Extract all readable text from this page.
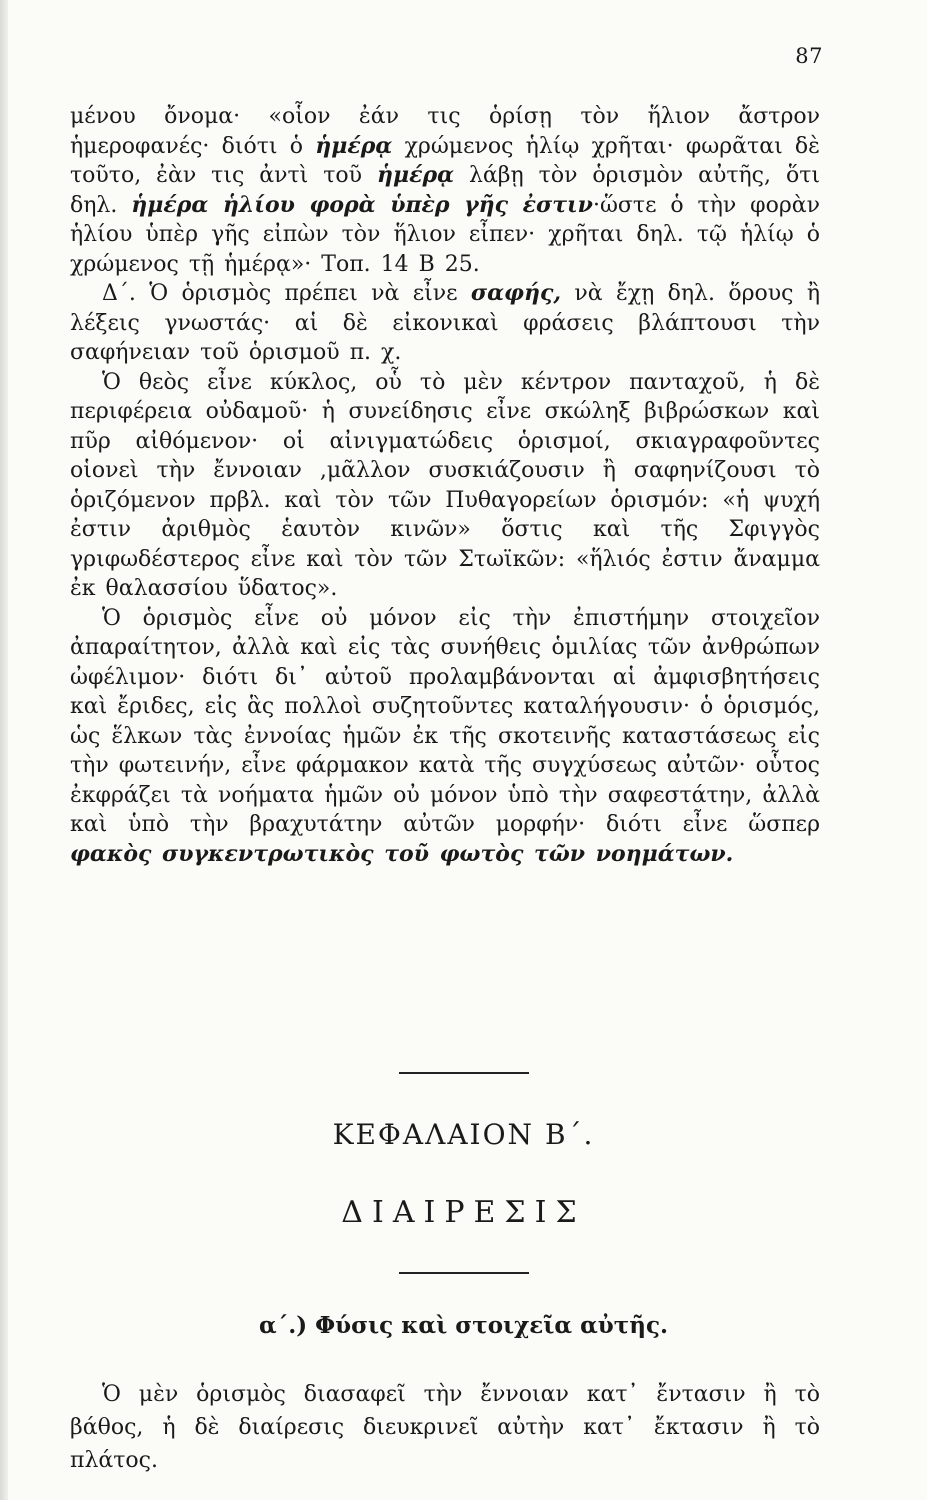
87

μένου ὄνομα· «οἷον ἐάν τις ὁρίσῃ τὸν ἥλιον ἄστρον ἡμεροφανές· διότι ὁ ἡμέρᾳ χρώμενος ἡλίῳ χρῆται· φωρᾶται δὲ τοῦτο, ἐὰν τις ἀντὶ τοῦ ἡμέρᾳ λάβῃ τὸν ὁρισμὸν αὐτῆς, ὅτι δηλ. ἡμέρα ἡλίου φορὰ ὑπὲρ γῆς ἐστιν·ὥστε ὁ τὴν φορὰν ἡλίου ὑπὲρ γῆς εἰπὼν τὸν ἥλιον εἶπεν· χρῆται δηλ. τῷ ἡλίῳ ὁ χρώμενος τῇ ἡμέρᾳ»· Τοπ. 14 Β 25.

Δ΄. Ὁ ὁρισμὸς πρέπει νὰ εἶνε σαφής, νὰ ἔχῃ δηλ. ὅρους ἢ λέξεις γνωστάς· αἱ δὲ εἰκονικαὶ φράσεις βλάπτουσι τὴν σαφήνειαν τοῦ ὁρισμοῦ π. χ.

Ὁ θεὸς εἶνε κύκλος, οὗ τὸ μὲν κέντρον πανταχοῦ, ἡ δὲ περιφέρεια οὐδαμοῦ· ἡ συνείδησις εἶνε σκώληξ βιβρώσκων καὶ πῦρ αἰθόμενον· οἱ αἰνιγματώδεις ὁρισμοί, σκιαγραφοῦντες οἱονεὶ τὴν ἔννοιαν ,μᾶλλον συσκιάζουσιν ἢ σαφηνίζουσι τὸ ὁριζόμενον πρβλ. καὶ τὸν τῶν Πυθαγορείων ὁρισμόν: «ἡ ψυχή ἐστιν ἀριθμὸς ἑαυτὸν κινῶν» ὅστις καὶ τῆς Σφιγγὸς γριφωδέστερος εἶνε καὶ τὸν τῶν Στωϊκῶν: «ἥλιός ἐστιν ἄναμμα ἐκ θαλασσίου ὕδατος».

Ὁ ὁρισμὸς εἶνε οὐ μόνον εἰς τὴν ἐπιστήμην στοιχεῖον ἀπαραίτητον, ἀλλὰ καὶ εἰς τὰς συνήθεις ὁμιλίας τῶν ἀνθρώπων ὠφέλιμον· διότι δι᾽ αὐτοῦ προλαμβάνονται αἱ ἀμφισβητήσεις καὶ ἔριδες, εἰς ἃς πολλοὶ συζητοῦντες καταλήγουσιν· ὁ ὁρισμός, ὡς ἕλκων τὰς ἐννοίας ἡμῶν ἐκ τῆς σκοτεινῆς καταστάσεως εἰς τὴν φωτεινήν, εἶνε φάρμακον κατὰ τῆς συγχύσεως αὐτῶν· οὗτος ἐκφράζει τὰ νοήματα ἡμῶν οὐ μόνον ὑπὸ τὴν σαφεστάτην, ἀλλὰ καὶ ὑπὸ τὴν βραχυτάτην αὐτῶν μορφήν· διότι εἶνε ὥσπερ φακὸς συγκεντρωτικὸς τοῦ φωτὸς τῶν νοημάτων.

ΚΕΦΑΛΑΙΟΝ Β΄.
ΔΙΑΙΡΕΣΙΣ
α΄.) Φύσις καὶ στοιχεῖα αὐτῆς.

Ὁ μὲν ὁρισμὸς διασαφεῖ τὴν ἔννοιαν κατ᾽ ἔντασιν ἢ τὸ βάθος, ἡ δὲ διαίρεσις διευκρινεῖ αὐτὴν κατ᾽ ἔκτασιν ἢ τὸ πλάτος.
